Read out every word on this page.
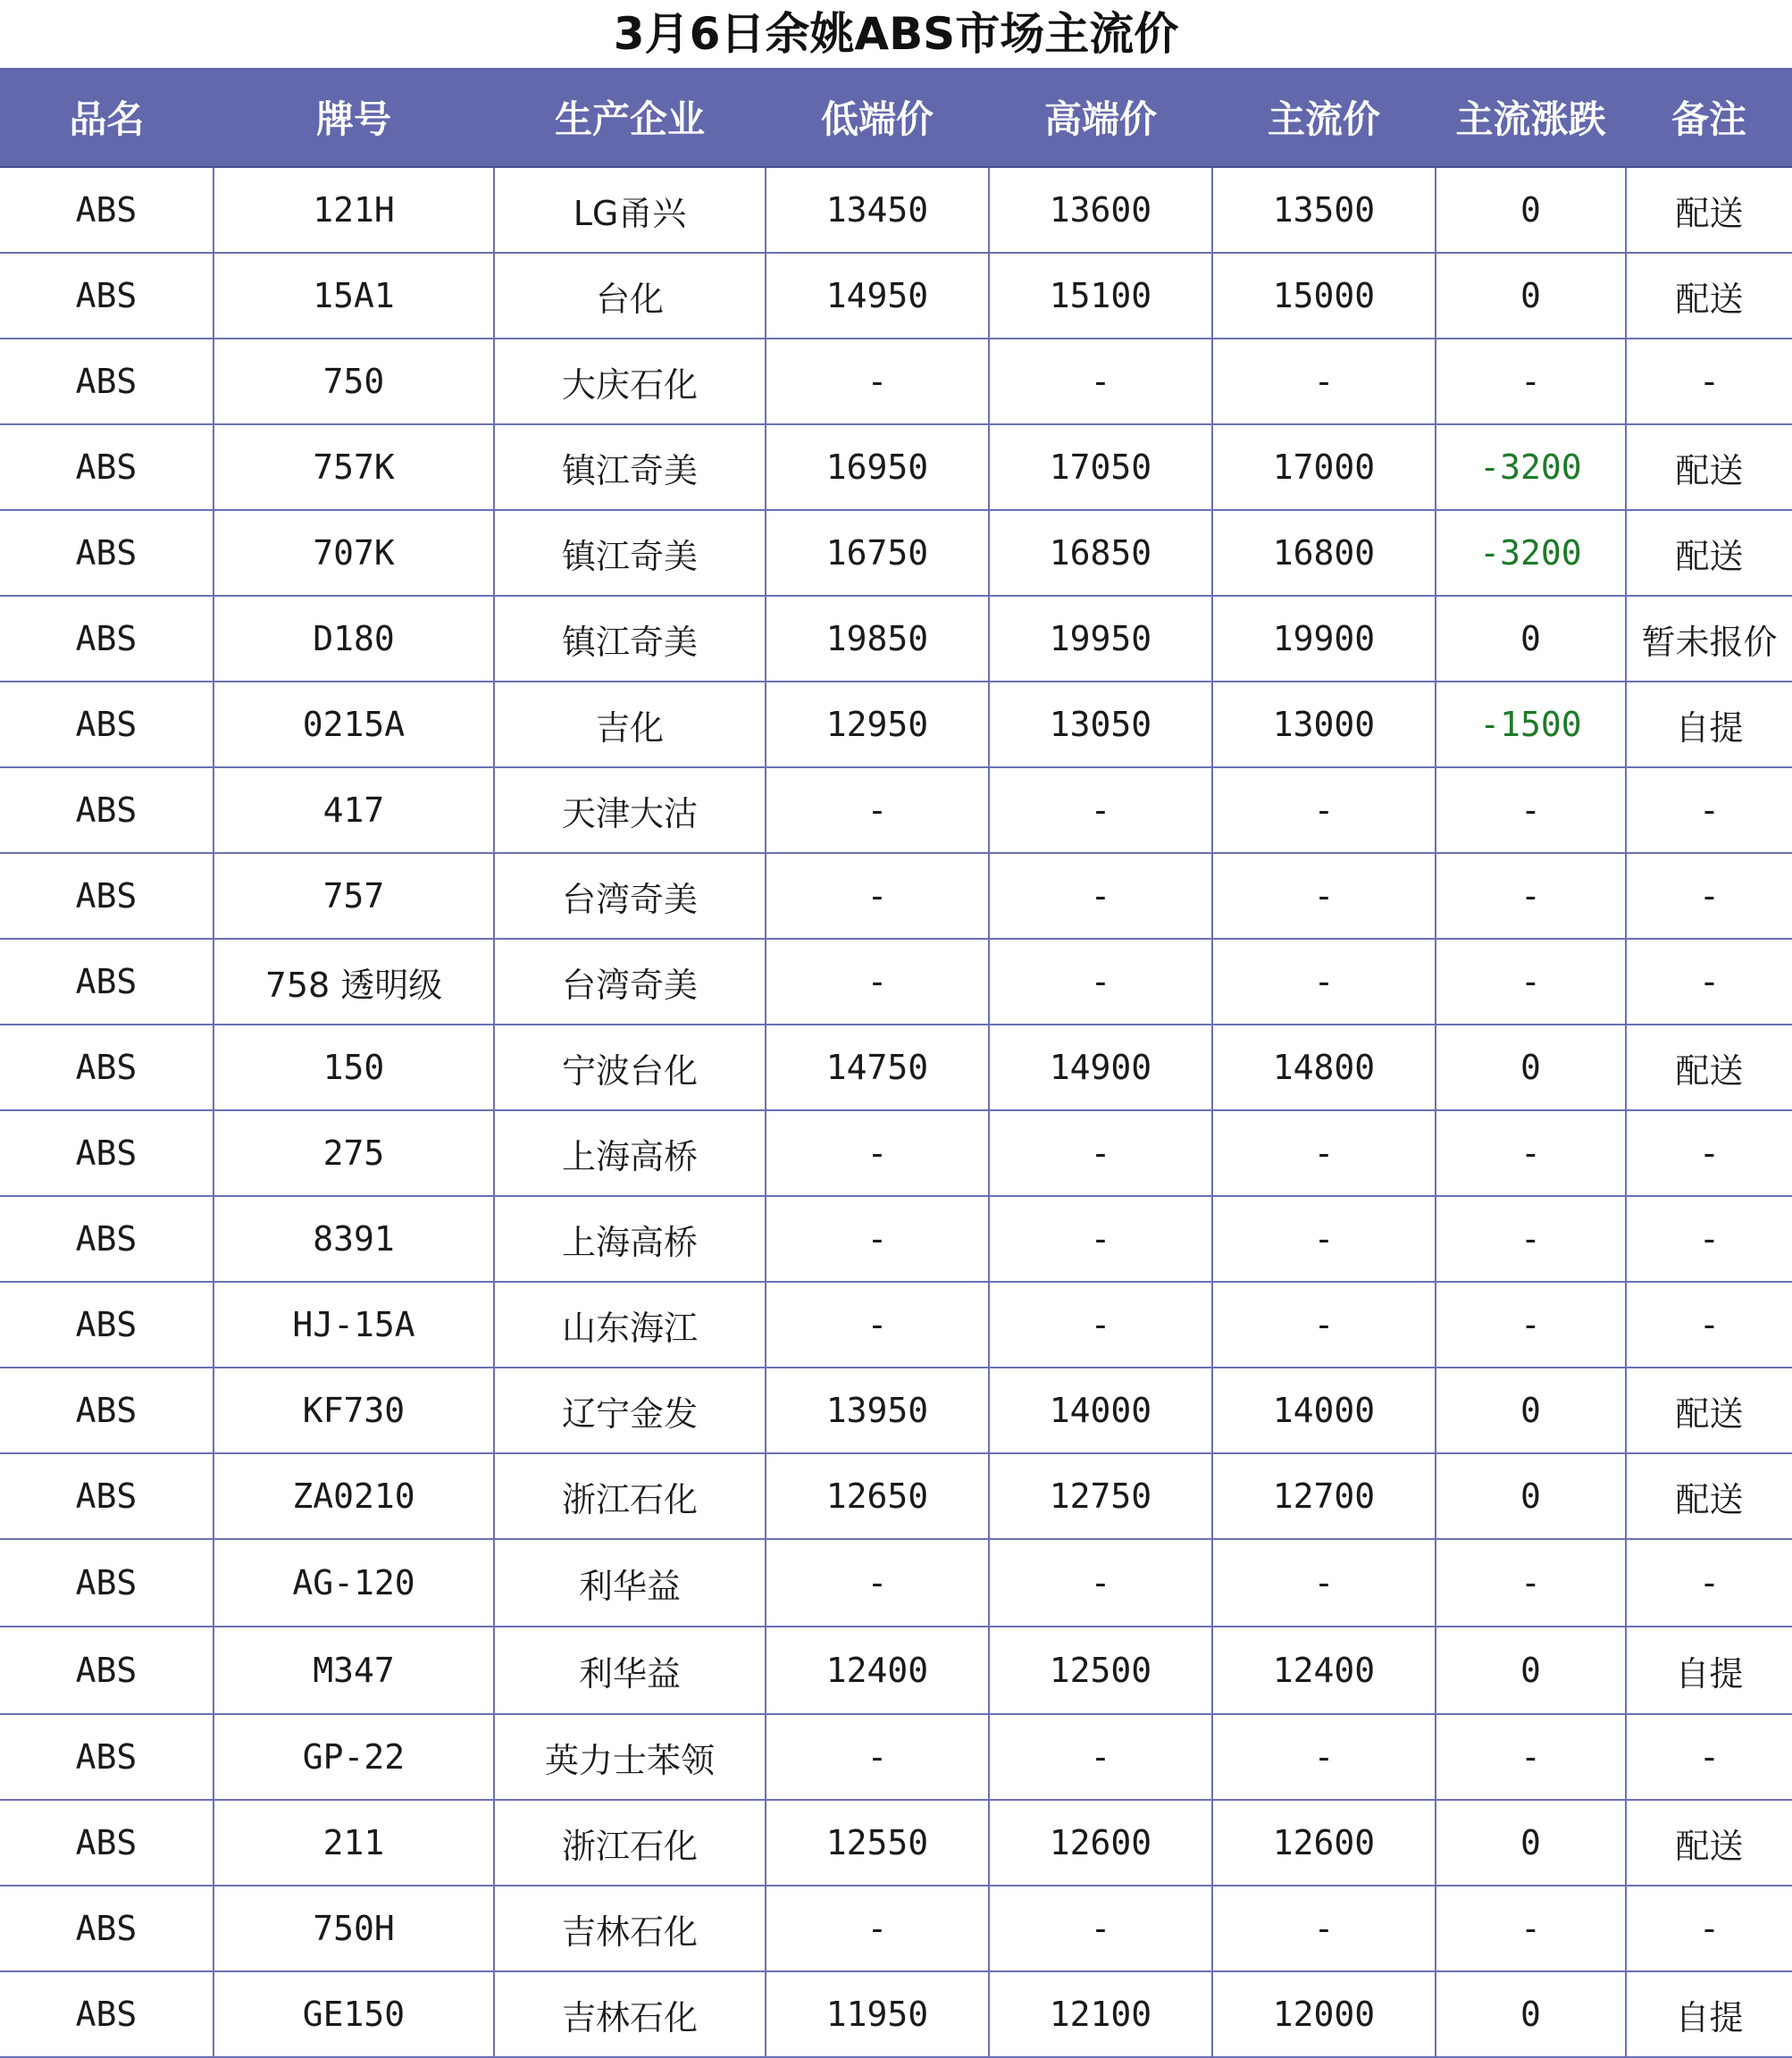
3月6日余姚ABS市场主流价
品名	牌号	生产企业	低端价	高端价	主流价	主流涨跌	备注
ABS	121H	LG甬兴	13450	13600	13500	0	配送
ABS	15A1	台化	14950	15100	15000	0	配送
ABS	750	大庆石化	-	-	-	-	-
ABS	757K	镇江奇美	16950	17050	17000	-3200	配送
ABS	707K	镇江奇美	16750	16850	16800	-3200	配送
ABS	D180	镇江奇美	19850	19950	19900	0	暂未报价
ABS	0215A	吉化	12950	13050	13000	-1500	自提
ABS	417	天津大沽	-	-	-	-	-
ABS	757	台湾奇美	-	-	-	-	-
ABS	758 透明级	台湾奇美	-	-	-	-	-
ABS	150	宁波台化	14750	14900	14800	0	配送
ABS	275	上海高桥	-	-	-	-	-
ABS	8391	上海高桥	-	-	-	-	-
ABS	HJ-15A	山东海江	-	-	-	-	-
ABS	KF730	辽宁金发	13950	14000	14000	0	配送
ABS	ZA0210	浙江石化	12650	12750	12700	0	配送
ABS	AG-120	利华益	-	-	-	-	-
ABS	M347	利华益	12400	12500	12400	0	自提
ABS	GP-22	英力士苯领	-	-	-	-	-
ABS	211	浙江石化	12550	12600	12600	0	配送
ABS	750H	吉林石化	-	-	-	-	-
ABS	GE150	吉林石化	11950	12100	12000	0	自提
